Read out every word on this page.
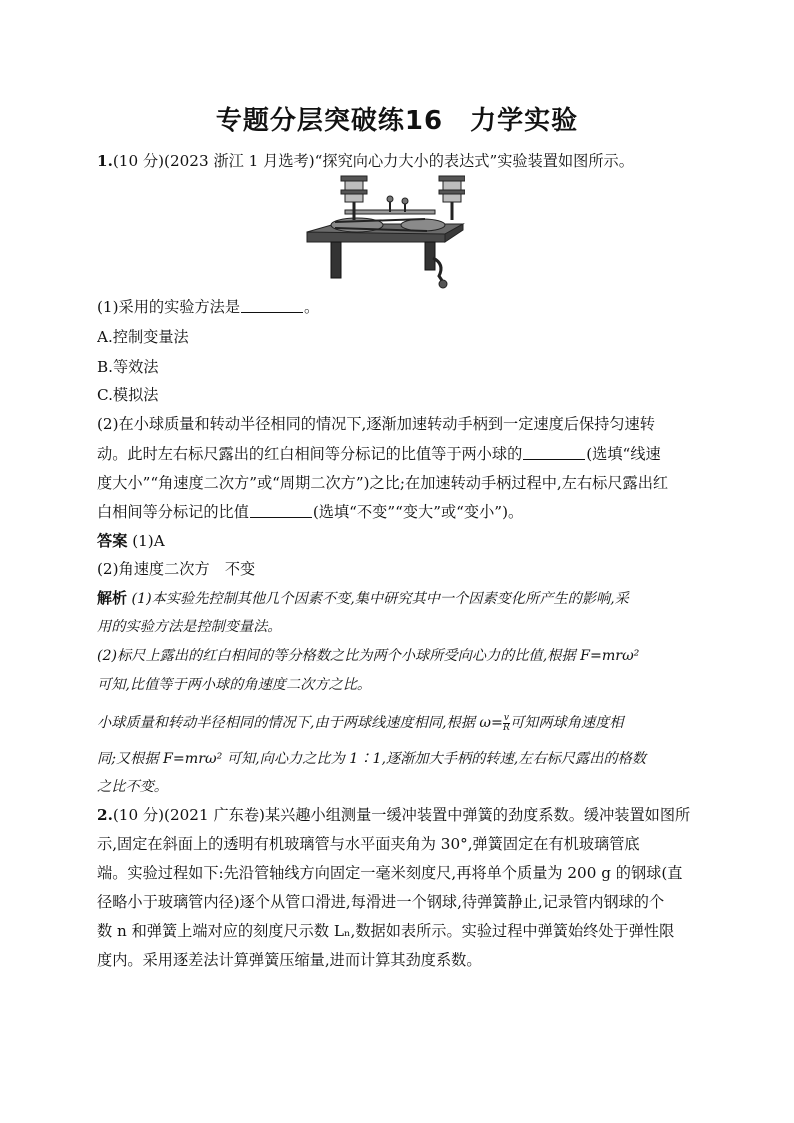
专题分层突破练16　力学实验
1.(10 分)(2023 浙江 1 月选考)“探究向心力大小的表达式”实验装置如图所示。
(1)采用的实验方法是	。
A.控制变量法
B.等效法
C.模拟法
(2)在小球质量和转动半径相同的情况下,逐渐加速转动手柄到一定速度后保持匀速转
动。此时左右标尺露出的红白相间等分标记的比值等于两小球的	(选填“线速
度大小”“角速度二次方”或“周期二次方”)之比;在加速转动手柄过程中,左右标尺露出红
白相间等分标记的比值	(选填“不变”“变大”或“变小”)。
答案 (1)A
(2)角速度二次方　不变
解析 (1)本实验先控制其他几个因素不变,集中研究其中一个因素变化所产生的影响,采
用的实验方法是控制变量法。
(2)标尺上露出的红白相间的等分格数之比为两个小球所受向心力的比值,根据 F=mrω²
可知,比值等于两小球的角速度二次方之比。
小球质量和转动半径相同的情况下,由于两球线速度相同,根据 $\omega= \frac{v}{R}$ 可知两球角速度相
同;又根据 F=mrω² 可知,向心力之比为 1∶1,逐渐加大手柄的转速,左右标尺露出的格数
之比不变。
2.(10 分)(2021 广东卷)某兴趣小组测量一缓冲装置中弹簧的劲度系数。缓冲装置如图所
示,固定在斜面上的透明有机玻璃管与水平面夹角为 30°,弹簧固定在有机玻璃管底
端。实验过程如下:先沿管轴线方向固定一毫米刻度尺,再将单个质量为 200 g 的钢球(直
径略小于玻璃管内径)逐个从管口滑进,每滑进一个钢球,待弹簧静止,记录管内钢球的个
数 n 和弹簧上端对应的刻度尺示数 Lₙ,数据如表所示。实验过程中弹簧始终处于弹性限
度内。采用逐差法计算弹簧压缩量,进而计算其劲度系数。
